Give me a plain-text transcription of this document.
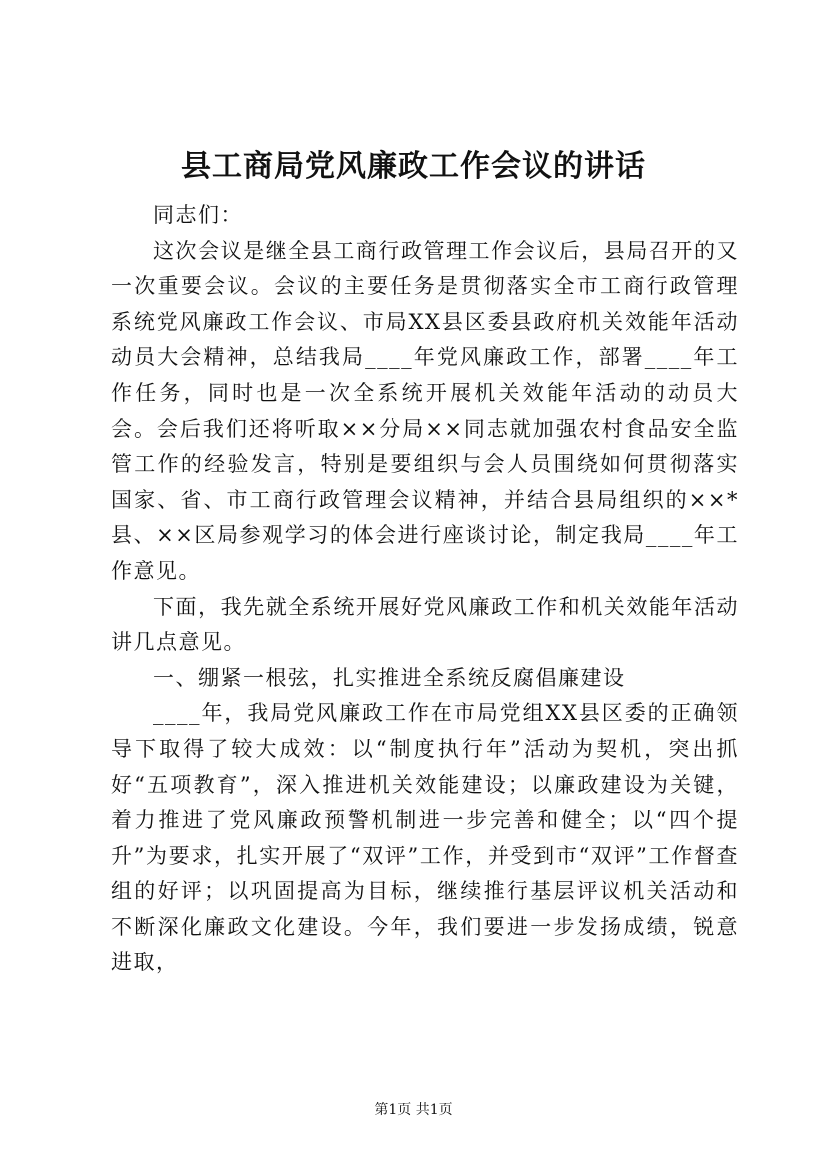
县工商局党风廉政工作会议的讲话

同志们：

这次会议是继全县工商行政管理工作会议后，县局召开的又一次重要会议。会议的主要任务是贯彻落实全市工商行政管理系统党风廉政工作会议、市局XX县区委县政府机关效能年活动动员大会精神，总结我局____年党风廉政工作，部署____年工作任务，同时也是一次全系统开展机关效能年活动的动员大会。会后我们还将听取××分局××同志就加强农村食品安全监管工作的经验发言，特别是要组织与会人员围绕如何贯彻落实国家、省、市工商行政管理会议精神，并结合县局组织的××*县、××区局参观学习的体会进行座谈讨论，制定我局____年工作意见。

下面，我先就全系统开展好党风廉政工作和机关效能年活动讲几点意见。

一、绷紧一根弦，扎实推进全系统反腐倡廉建设

____年，我局党风廉政工作在市局党组XX县区委的正确领导下取得了较大成效：以“制度执行年”活动为契机，突出抓好“五项教育”，深入推进机关效能建设；以廉政建设为关键，着力推进了党风廉政预警机制进一步完善和健全；以“四个提升”为要求，扎实开展了“双评”工作，并受到市“双评”工作督查组的好评；以巩固提高为目标，继续推行基层评议机关活动和不断深化廉政文化建设。今年，我们要进一步发扬成绩，锐意进取，

第1页 共1页
